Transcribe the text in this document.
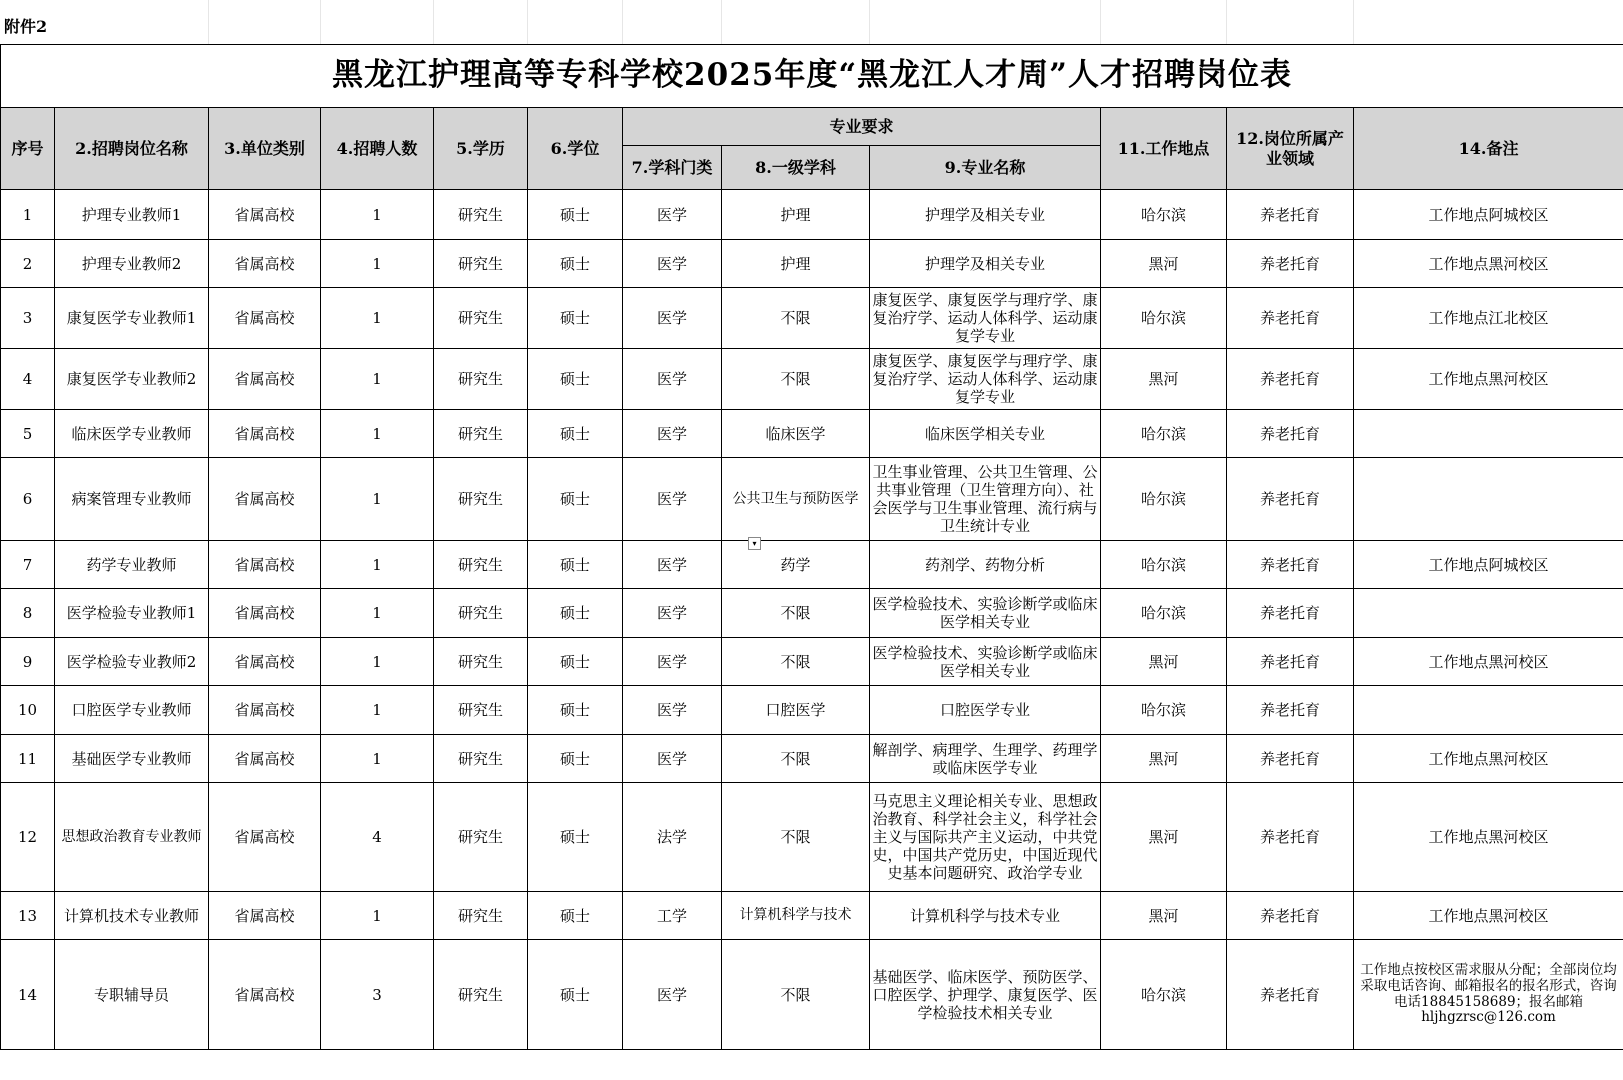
附件2
黑龙江护理高等专科学校2025年度“黑龙江人才周”人才招聘岗位表											
序号	2.招聘岗位名称	3.单位类别	4.招聘人数	5.学历	6.学位	专业要求			11.工作地点	12.岗位所属产业领域	14.备注
						7.学科门类	8.一级学科	9.专业名称			
1	护理专业教师1	省属高校	1	研究生	硕士	医学	护理	护理学及相关专业	哈尔滨	养老托育	工作地点阿城校区
2	护理专业教师2	省属高校	1	研究生	硕士	医学	护理	护理学及相关专业	黑河	养老托育	工作地点黑河校区
3	康复医学专业教师1	省属高校	1	研究生	硕士	医学	不限	康复医学、康复医学与理疗学、康复治疗学、运动人体科学、运动康复学专业	哈尔滨	养老托育	工作地点江北校区
4	康复医学专业教师2	省属高校	1	研究生	硕士	医学	不限	康复医学、康复医学与理疗学、康复治疗学、运动人体科学、运动康复学专业	黑河	养老托育	工作地点黑河校区
5	临床医学专业教师	省属高校	1	研究生	硕士	医学	临床医学	临床医学相关专业	哈尔滨	养老托育	
6	病案管理专业教师	省属高校	1	研究生	硕士	医学	公共卫生与预防医学	卫生事业管理、公共卫生管理、公共事业管理（卫生管理方向）、社会医学与卫生事业管理、流行病与卫生统计专业	哈尔滨	养老托育	
7	药学专业教师	省属高校	1	研究生	硕士	医学	药学	药剂学、药物分析	哈尔滨	养老托育	工作地点阿城校区
8	医学检验专业教师1	省属高校	1	研究生	硕士	医学	不限	医学检验技术、实验诊断学或临床医学相关专业	哈尔滨	养老托育	
9	医学检验专业教师2	省属高校	1	研究生	硕士	医学	不限	医学检验技术、实验诊断学或临床医学相关专业	黑河	养老托育	工作地点黑河校区
10	口腔医学专业教师	省属高校	1	研究生	硕士	医学	口腔医学	口腔医学专业	哈尔滨	养老托育	
11	基础医学专业教师	省属高校	1	研究生	硕士	医学	不限	解剖学、病理学、生理学、药理学或临床医学专业	黑河	养老托育	工作地点黑河校区
12	思想政治教育专业教师	省属高校	4	研究生	硕士	法学	不限	马克思主义理论相关专业、思想政治教育、科学社会主义，科学社会主义与国际共产主义运动，中共党史，中国共产党历史，中国近现代史基本问题研究、政治学专业	黑河	养老托育	工作地点黑河校区
13	计算机技术专业教师	省属高校	1	研究生	硕士	工学	计算机科学与技术	计算机科学与技术专业	黑河	养老托育	工作地点黑河校区
14	专职辅导员	省属高校	3	研究生	硕士	医学	不限	基础医学、临床医学、预防医学、口腔医学、护理学、康复医学、医学检验技术相关专业	哈尔滨	养老托育	工作地点按校区需求服从分配；全部岗位均采取电话咨询、邮箱报名的报名形式，咨询电话18845158689；报名邮箱hljhgzrsc@126.com
▾
